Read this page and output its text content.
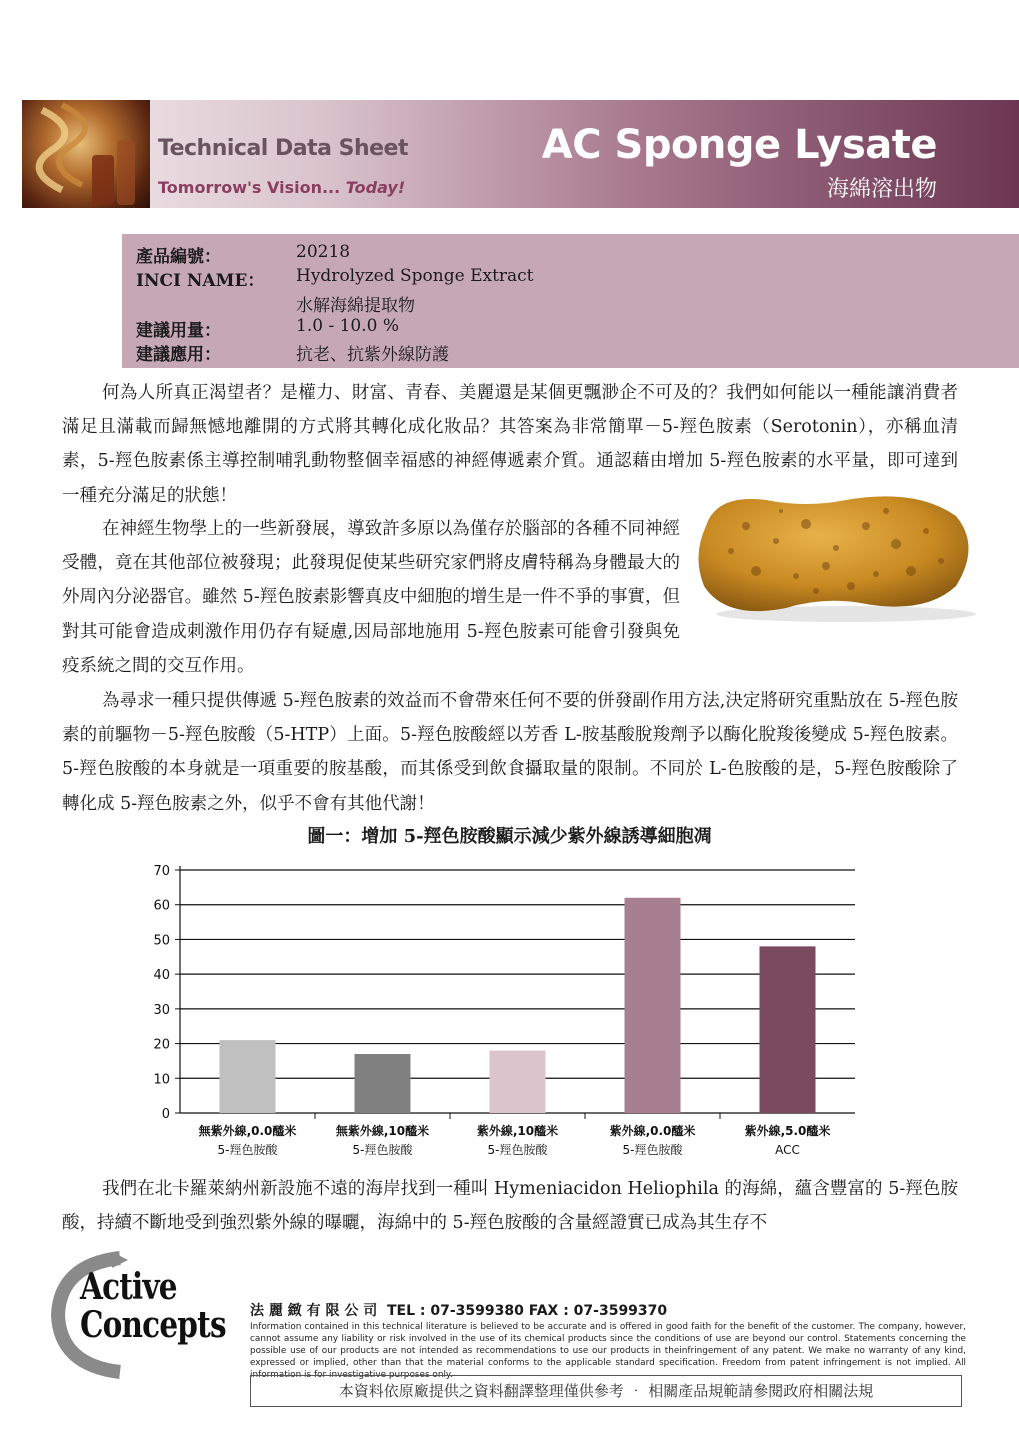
Technical Data Sheet
Tomorrow's Vision... Today!
AC Sponge Lysate
海綿溶出物
產品編號：	20218
INCI NAME： Hydrolyzed Sponge Extract
水解海綿提取物
建議用量：	1.0 - 10.0 %
建議應用：	抗老、抗紫外線防護
何為人所真正渴望者？是權力、財富、青春、美麗還是某個更飄渺企不可及的？我們如何能以一種能讓消費者滿足且滿載而歸無憾地離開的方式將其轉化成化妝品？其答案為非常簡單－5-羥色胺素（Serotonin），亦稱血清素，5-羥色胺素係主導控制哺乳動物整個幸福感的神經傳遞素介質。通認藉由增加 5-羥色胺素的水平量，即可達到一種充分滿足的狀態！
在神經生物學上的一些新發展，導致許多原以為僅存於腦部的各種不同神經受體，竟在其他部位被發現；此發現促使某些研究家們將皮膚特稱為身體最大的外周內分泌器官。雖然 5-羥色胺素影響真皮中細胞的增生是一件不爭的事實，但對其可能會造成刺激作用仍存有疑慮,因局部地施用 5-羥色胺素可能會引發與免疫系統之間的交互作用。
為尋求一種只提供傳遞 5-羥色胺素的效益而不會帶來任何不要的併發副作用方法,決定將研究重點放在 5-羥色胺素的前驅物－5-羥色胺酸（5-HTP）上面。5-羥色胺酸經以芳香 L-胺基酸脫羧劑予以酶化脫羧後變成 5-羥色胺素。5-羥色胺酸的本身就是一項重要的胺基酸，而其係受到飲食攝取量的限制。不同於 L-色胺酸的是，5-羥色胺酸除了轉化成 5-羥色胺素之外，似乎不會有其他代謝！
圖一：增加 5-羥色胺酸顯示減少紫外線誘導細胞凋
0
10
20
30
40
50
60
70
無紫外線,0.0醯米
5-羥色胺酸
無紫外線,10醯米
5-羥色胺酸
紫外線,10醯米
5-羥色胺酸
紫外線,0.0醯米
5-羥色胺酸
紫外線,5.0醯米
ACC
我們在北卡羅萊納州新設施不遠的海岸找到一種叫 Hymeniacidon Heliophila 的海綿，蘊含豐富的 5-羥色胺酸，持續不斷地受到強烈紫外線的曝曬，海綿中的 5-羥色胺酸的含量經證實已成為其生存不
Active
Concepts 法 麗 緻 有 限 公 司 TEL : 07-3599380 FAX : 07-3599370
Information contained in this technical literature is believed to be accurate and is offered in good faith for the benefit of the customer. The company, however, cannot assume any liability or risk involved in the use of its chemical products since the conditions of use are beyond our control. Statements concerning the possible use of our products are not intended as recommendations to use our products in theinfringement of any patent. We make no warranty of any kind, expressed or implied, other than that the material conforms to the applicable standard specification. Freedom from patent infringement is not implied. All information is for investigative purposes only.
本資料依原廠提供之資料翻譯整理僅供參考 ‧ 相關產品規範請參閱政府相關法規
